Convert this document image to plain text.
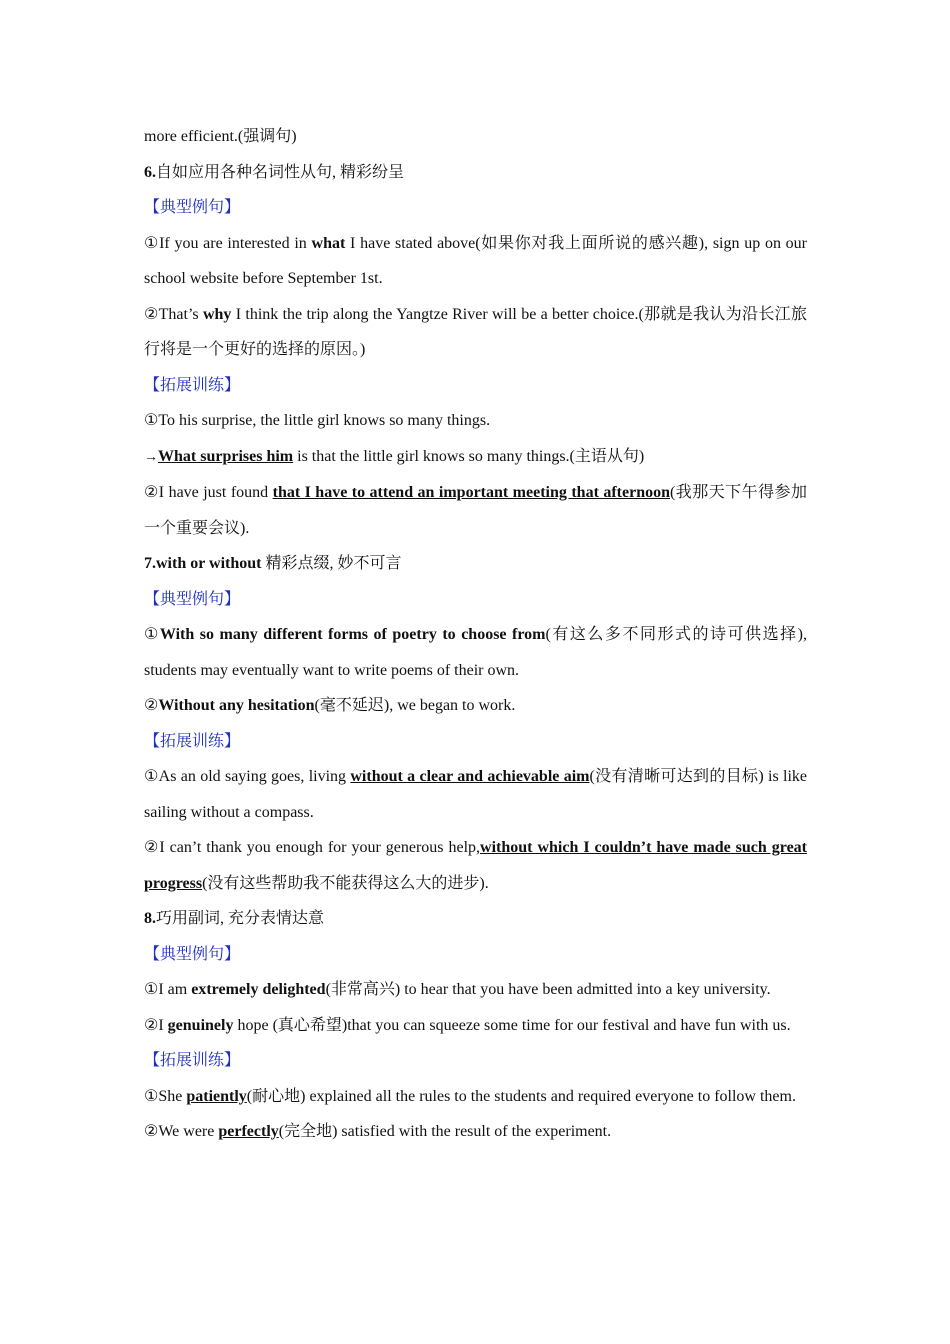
more efficient.(强调句)
6.自如应用各种名词性从句, 精彩纷呈
【典型例句】
①If you are interested in what I have stated above(如果你对我上面所说的感兴趣), sign up on our school website before September 1st.
②That’s why I think the trip along the Yangtze River will be a better choice.(那就是我认为沿长江旅行将是一个更好的选择的原因。)
【拓展训练】
①To his surprise, the little girl knows so many things.
→What surprises him is that the little girl knows so many things.(主语从句)
②I have just found that I have to attend an important meeting that afternoon(我那天下午得参加一个重要会议).
7.with or without 精彩点缀, 妙不可言
【典型例句】
①With so many different forms of poetry to choose from(有这么多不同形式的诗可供选择), students may eventually want to write poems of their own.
②Without any hesitation(毫不延迟), we began to work.
【拓展训练】
①As an old saying goes, living without a clear and achievable aim(没有清晰可达到的目标) is like sailing without a compass.
②I can’t thank you enough for your generous help,without which I couldn’t have made such great progress(没有这些帮助我不能获得这么大的进步).
8.巧用副词, 充分表情达意
【典型例句】
①I am extremely delighted(非常高兴) to hear that you have been admitted into a key university.
②I genuinely hope (真心希望)that you can squeeze some time for our festival and have fun with us.
【拓展训练】
①She patiently(耐心地) explained all the rules to the students and required everyone to follow them.
②We were perfectly(完全地) satisfied with the result of the experiment.
